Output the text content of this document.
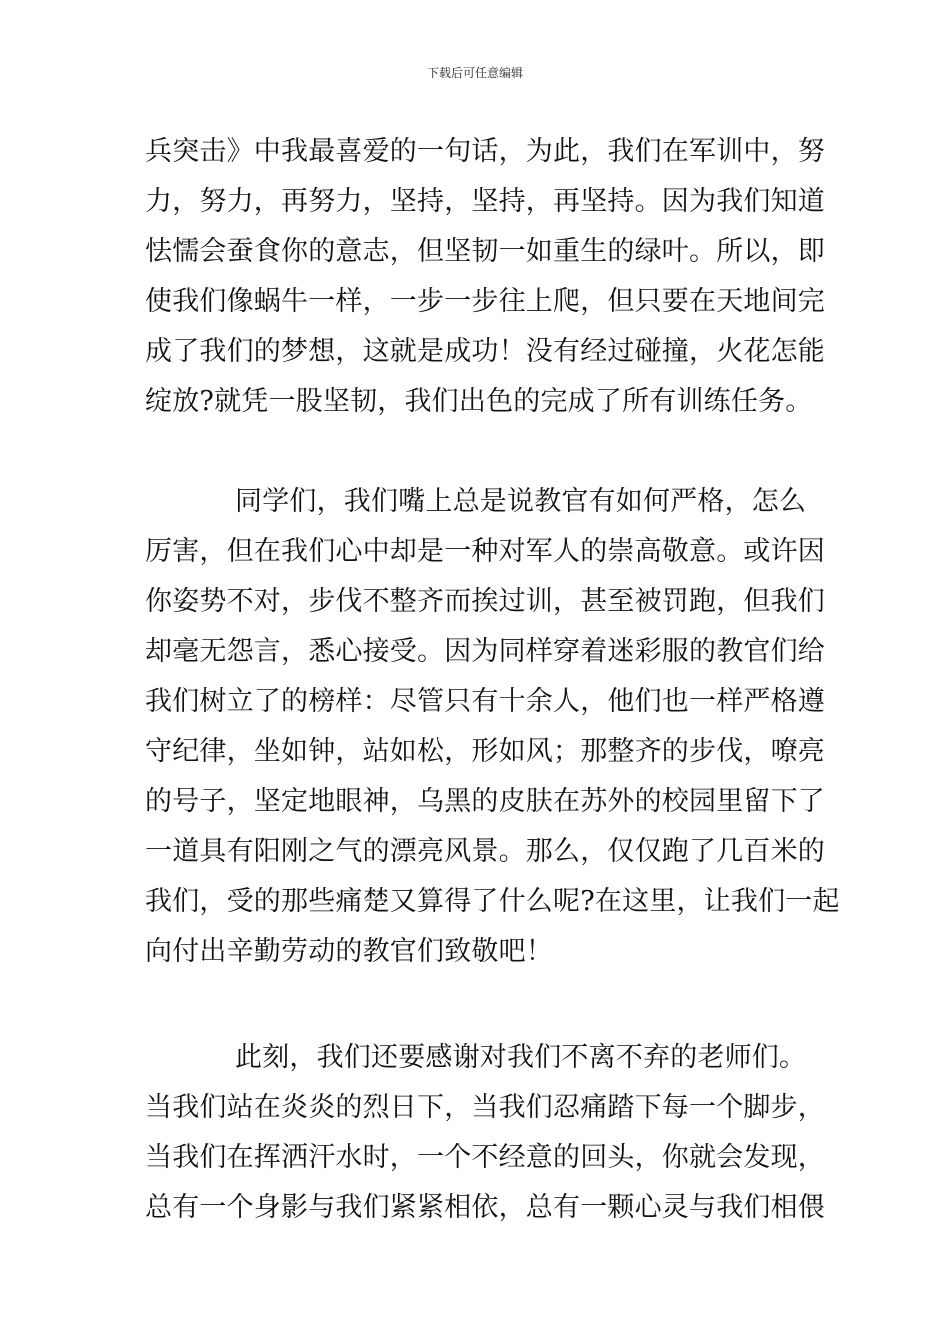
下载后可任意编辑
兵突击》中我最喜爱的一句话，为此，我们在军训中，努
力，努力，再努力，坚持，坚持，再坚持。因为我们知道
怯懦会蚕食你的意志，但坚韧一如重生的绿叶。所以，即
使我们像蜗牛一样，一步一步往上爬，但只要在天地间完
成了我们的梦想，这就是成功！没有经过碰撞，火花怎能
绽放?就凭一股坚韧，我们出色的完成了所有训练任务。
同学们，我们嘴上总是说教官有如何严格，怎么
厉害，但在我们心中却是一种对军人的崇高敬意。或许因
你姿势不对，步伐不整齐而挨过训，甚至被罚跑，但我们
却毫无怨言，悉心接受。因为同样穿着迷彩服的教官们给
我们树立了的榜样：尽管只有十余人，他们也一样严格遵
守纪律，坐如钟，站如松，形如风；那整齐的步伐，嘹亮
的号子，坚定地眼神，乌黑的皮肤在苏外的校园里留下了
一道具有阳刚之气的漂亮风景。那么，仅仅跑了几百米的
我们，受的那些痛楚又算得了什么呢?在这里，让我们一起
向付出辛勤劳动的教官们致敬吧！
此刻，我们还要感谢对我们不离不弃的老师们。
当我们站在炎炎的烈日下，当我们忍痛踏下每一个脚步，
当我们在挥洒汗水时，一个不经意的回头，你就会发现，
总有一个身影与我们紧紧相依，总有一颗心灵与我们相偎
